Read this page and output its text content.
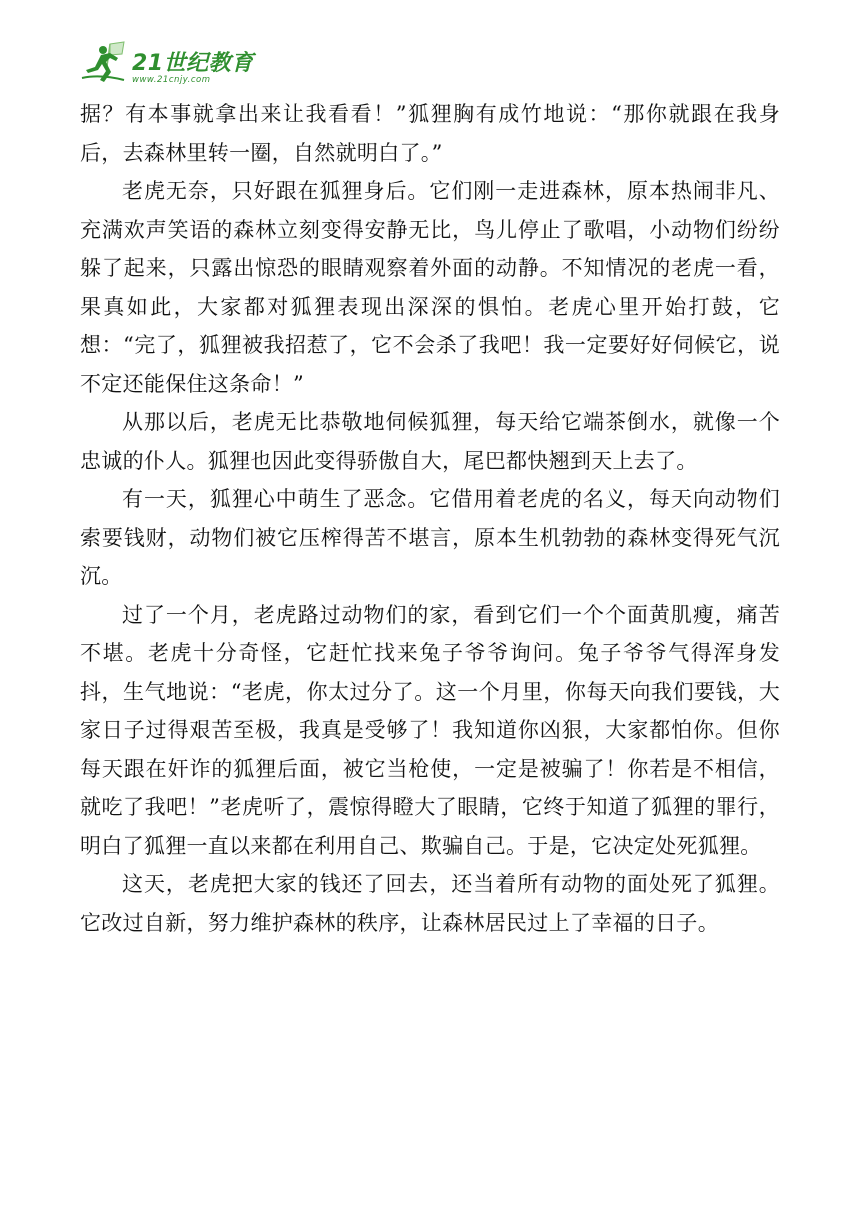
21世纪教育
www.21cnjy.com

据？有本事就拿出来让我看看！”狐狸胸有成竹地说：“那你就跟在我身后，去森林里转一圈，自然就明白了。”

老虎无奈，只好跟在狐狸身后。它们刚一走进森林，原本热闹非凡、充满欢声笑语的森林立刻变得安静无比，鸟儿停止了歌唱，小动物们纷纷躲了起来，只露出惊恐的眼睛观察着外面的动静。不知情况的老虎一看，果真如此，大家都对狐狸表现出深深的惧怕。老虎心里开始打鼓，它想：“完了，狐狸被我招惹了，它不会杀了我吧！我一定要好好伺候它，说不定还能保住这条命！”

从那以后，老虎无比恭敬地伺候狐狸，每天给它端茶倒水，就像一个忠诚的仆人。狐狸也因此变得骄傲自大，尾巴都快翘到天上去了。

有一天，狐狸心中萌生了恶念。它借用着老虎的名义，每天向动物们索要钱财，动物们被它压榨得苦不堪言，原本生机勃勃的森林变得死气沉沉。

过了一个月，老虎路过动物们的家，看到它们一个个面黄肌瘦，痛苦不堪。老虎十分奇怪，它赶忙找来兔子爷爷询问。兔子爷爷气得浑身发抖，生气地说：“老虎，你太过分了。这一个月里，你每天向我们要钱，大家日子过得艰苦至极，我真是受够了！我知道你凶狠，大家都怕你。但你每天跟在奸诈的狐狸后面，被它当枪使，一定是被骗了！你若是不相信，就吃了我吧！”老虎听了，震惊得瞪大了眼睛，它终于知道了狐狸的罪行，明白了狐狸一直以来都在利用自己、欺骗自己。于是，它决定处死狐狸。

这天，老虎把大家的钱还了回去，还当着所有动物的面处死了狐狸。它改过自新，努力维护森林的秩序，让森林居民过上了幸福的日子。
